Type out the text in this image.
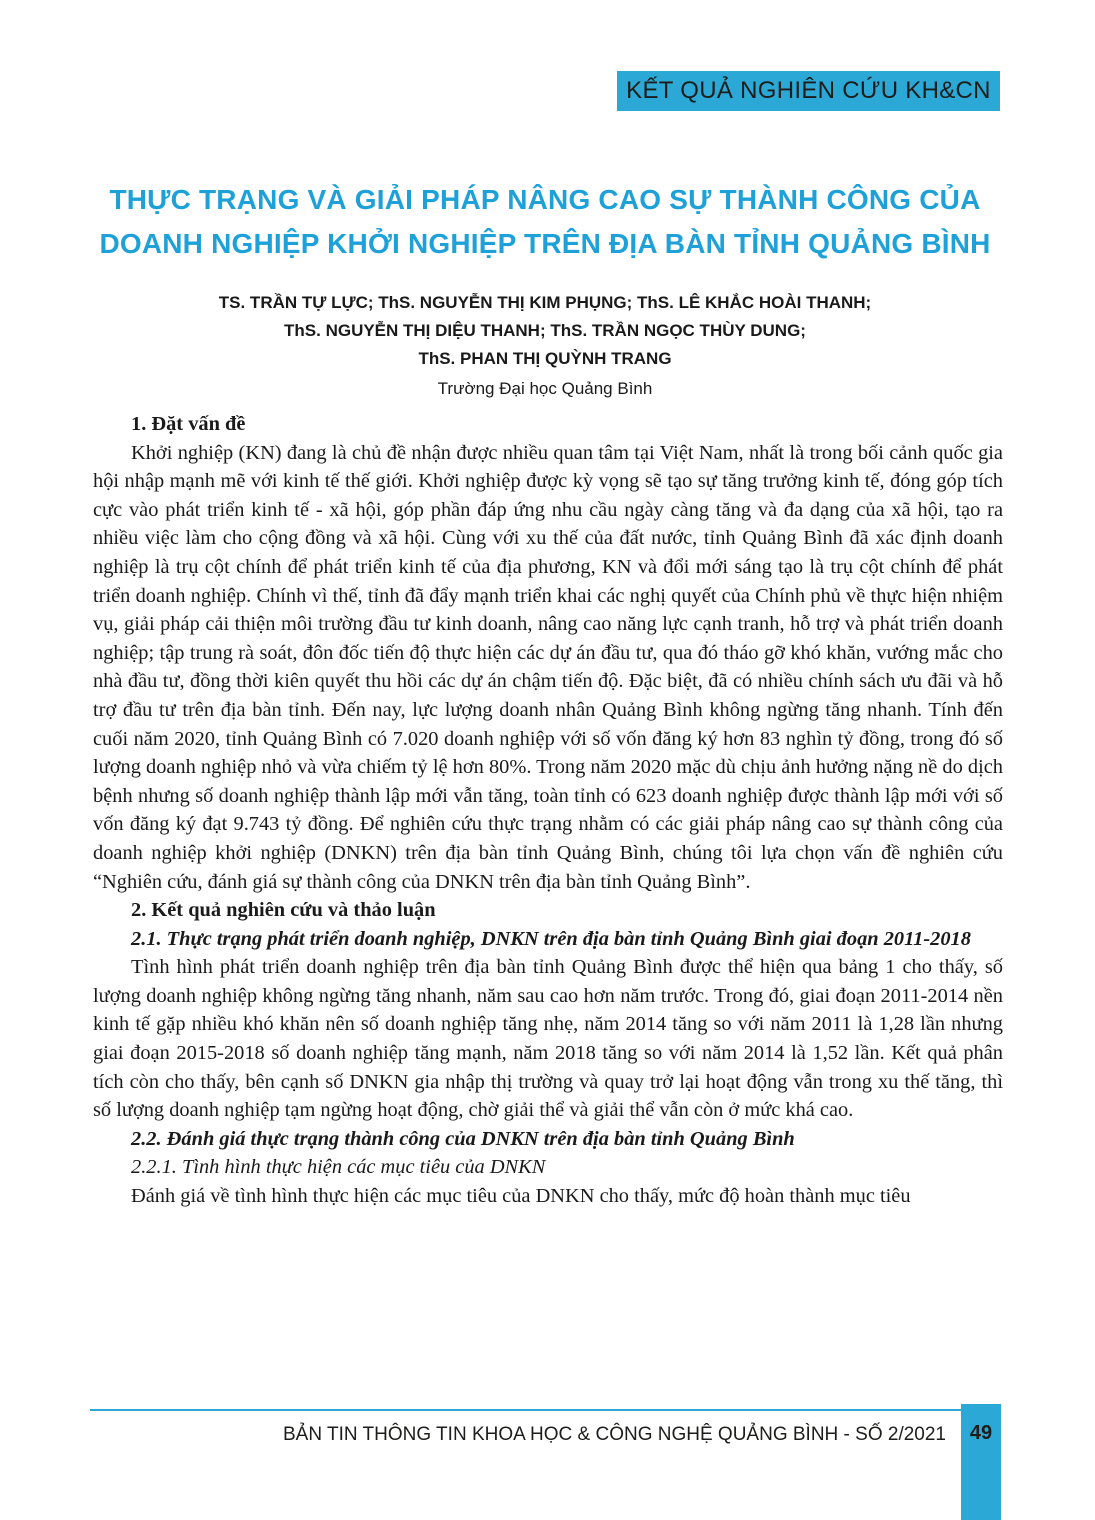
KẾT QUẢ NGHIÊN CỨU KH&CN
THỰC TRẠNG VÀ GIẢI PHÁP NÂNG CAO SỰ THÀNH CÔNG CỦA
DOANH NGHIỆP KHỞI NGHIỆP TRÊN ĐỊA BÀN TỈNH QUẢNG BÌNH
TS. TRẦN TỰ LỰC; ThS. NGUYỄN THỊ KIM PHỤNG; ThS. LÊ KHẮC HOÀI THANH;
ThS. NGUYỄN THỊ DIỆU THANH; ThS. TRẦN NGỌC THÙY DUNG;
ThS. PHAN THỊ QUỲNH TRANG
Trường Đại học Quảng Bình
1. Đặt vấn đề

Khởi nghiệp (KN) đang là chủ đề nhận được nhiều quan tâm tại Việt Nam, nhất là trong bối cảnh quốc gia hội nhập mạnh mẽ với kinh tế thế giới. Khởi nghiệp được kỳ vọng sẽ tạo sự tăng trưởng kinh tế, đóng góp tích cực vào phát triển kinh tế - xã hội, góp phần đáp ứng nhu cầu ngày càng tăng và đa dạng của xã hội, tạo ra nhiều việc làm cho cộng đồng và xã hội. Cùng với xu thế của đất nước, tỉnh Quảng Bình đã xác định doanh nghiệp là trụ cột chính để phát triển kinh tế của địa phương, KN và đổi mới sáng tạo là trụ cột chính để phát triển doanh nghiệp. Chính vì thế, tỉnh đã đẩy mạnh triển khai các nghị quyết của Chính phủ về thực hiện nhiệm vụ, giải pháp cải thiện môi trường đầu tư kinh doanh, nâng cao năng lực cạnh tranh, hỗ trợ và phát triển doanh nghiệp; tập trung rà soát, đôn đốc tiến độ thực hiện các dự án đầu tư, qua đó tháo gỡ khó khăn, vướng mắc cho nhà đầu tư, đồng thời kiên quyết thu hồi các dự án chậm tiến độ. Đặc biệt, đã có nhiều chính sách ưu đãi và hỗ trợ đầu tư trên địa bàn tỉnh. Đến nay, lực lượng doanh nhân Quảng Bình không ngừng tăng nhanh. Tính đến cuối năm 2020, tỉnh Quảng Bình có 7.020 doanh nghiệp với số vốn đăng ký hơn 83 nghìn tỷ đồng, trong đó số lượng doanh nghiệp nhỏ và vừa chiếm tỷ lệ hơn 80%. Trong năm 2020 mặc dù chịu ảnh hưởng nặng nề do dịch bệnh nhưng số doanh nghiệp thành lập mới vẫn tăng, toàn tỉnh có 623 doanh nghiệp được thành lập mới với số vốn đăng ký đạt 9.743 tỷ đồng. Để nghiên cứu thực trạng nhằm có các giải pháp nâng cao sự thành công của doanh nghiệp khởi nghiệp (DNKN) trên địa bàn tỉnh Quảng Bình, chúng tôi lựa chọn vấn đề nghiên cứu “Nghiên cứu, đánh giá sự thành công của DNKN trên địa bàn tỉnh Quảng Bình”.

2. Kết quả nghiên cứu và thảo luận
2.1. Thực trạng phát triển doanh nghiệp, DNKN trên địa bàn tỉnh Quảng Bình giai đoạn 2011-2018

Tình hình phát triển doanh nghiệp trên địa bàn tỉnh Quảng Bình được thể hiện qua bảng 1 cho thấy, số lượng doanh nghiệp không ngừng tăng nhanh, năm sau cao hơn năm trước. Trong đó, giai đoạn 2011-2014 nền kinh tế gặp nhiều khó khăn nên số doanh nghiệp tăng nhẹ, năm 2014 tăng so với năm 2011 là 1,28 lần nhưng giai đoạn 2015-2018 số doanh nghiệp tăng mạnh, năm 2018 tăng so với năm 2014 là 1,52 lần. Kết quả phân tích còn cho thấy, bên cạnh số DNKN gia nhập thị trường và quay trở lại hoạt động vẫn trong xu thế tăng, thì số lượng doanh nghiệp tạm ngừng hoạt động, chờ giải thể và giải thể vẫn còn ở mức khá cao.

2.2. Đánh giá thực trạng thành công của DNKN trên địa bàn tỉnh Quảng Bình
2.2.1. Tình hình thực hiện các mục tiêu của DNKN

Đánh giá về tình hình thực hiện các mục tiêu của DNKN cho thấy, mức độ hoàn thành mục tiêu

BẢN TIN THÔNG TIN KHOA HỌC & CÔNG NGHỆ QUẢNG BÌNH - SỐ 2/2021	49
